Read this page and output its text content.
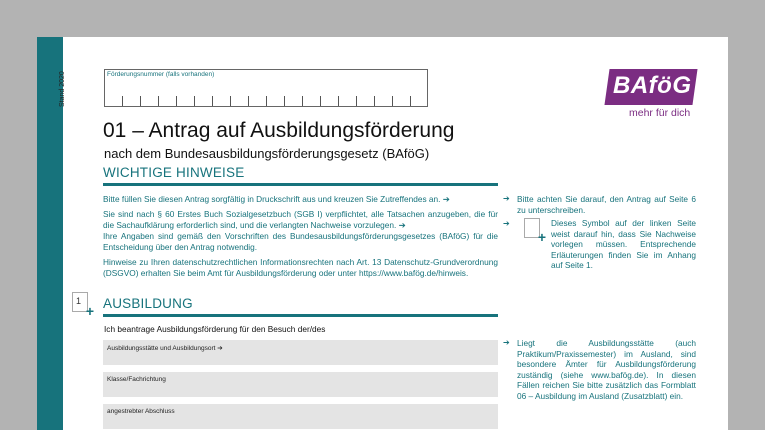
Stand 2020	Förderungsnummer (falls vorhanden)	BAföG
mehr für dich
01 – Antrag auf Ausbildungsförderung
nach dem Bundesausbildungsförderungsgesetz (BAföG)
WICHTIGE HINWEISE
Bitte füllen Sie diesen Antrag sorgfältig in Druckschrift aus und kreuzen Sie Zutreffendes an. ➔
Sie sind nach § 60 Erstes Buch Sozialgesetzbuch (SGB I) verpflichtet, alle Tatsachen anzugeben, die für die Sachaufklärung erforderlich sind, und die verlangten Nachweise vorzulegen. ➔
Ihre Angaben sind gemäß den Vorschriften des Bundesausbildungsförderungsgesetzes (BAföG) für die Entscheidung über den Antrag notwendig.
Hinweise zu Ihren datenschutzrechtlichen Informationsrechten nach Art. 13 Datenschutz-Grundverordnung (DSGVO) erhalten Sie beim Amt für Ausbildungsförderung oder unter https://www.bafög.de/hinweis.
➔ Bitte achten Sie darauf, den Antrag auf Seite 6 zu unterschreiben.
➔
+
Dieses Symbol auf der linken Seite weist darauf hin, dass Sie Nachweise vorlegen müssen. Entsprechende Erläuterungen finden Sie im Anhang auf Seite 1.
1
+ AUSBILDUNG
Ich beantrage Ausbildungsförderung für den Besuch der/des
Ausbildungsstätte und Ausbildungsort ➔
Klasse/Fachrichtung
angestrebter Abschluss
➔ Liegt die Ausbildungsstätte (auch Praktikum/Praxissemester) im Ausland, sind besondere Ämter für Ausbildungsförderung zuständig (siehe www.bafög.de). In diesen Fällen reichen Sie bitte zusätzlich das Formblatt 06 – Ausbildung im Ausland (Zusatzblatt) ein.
